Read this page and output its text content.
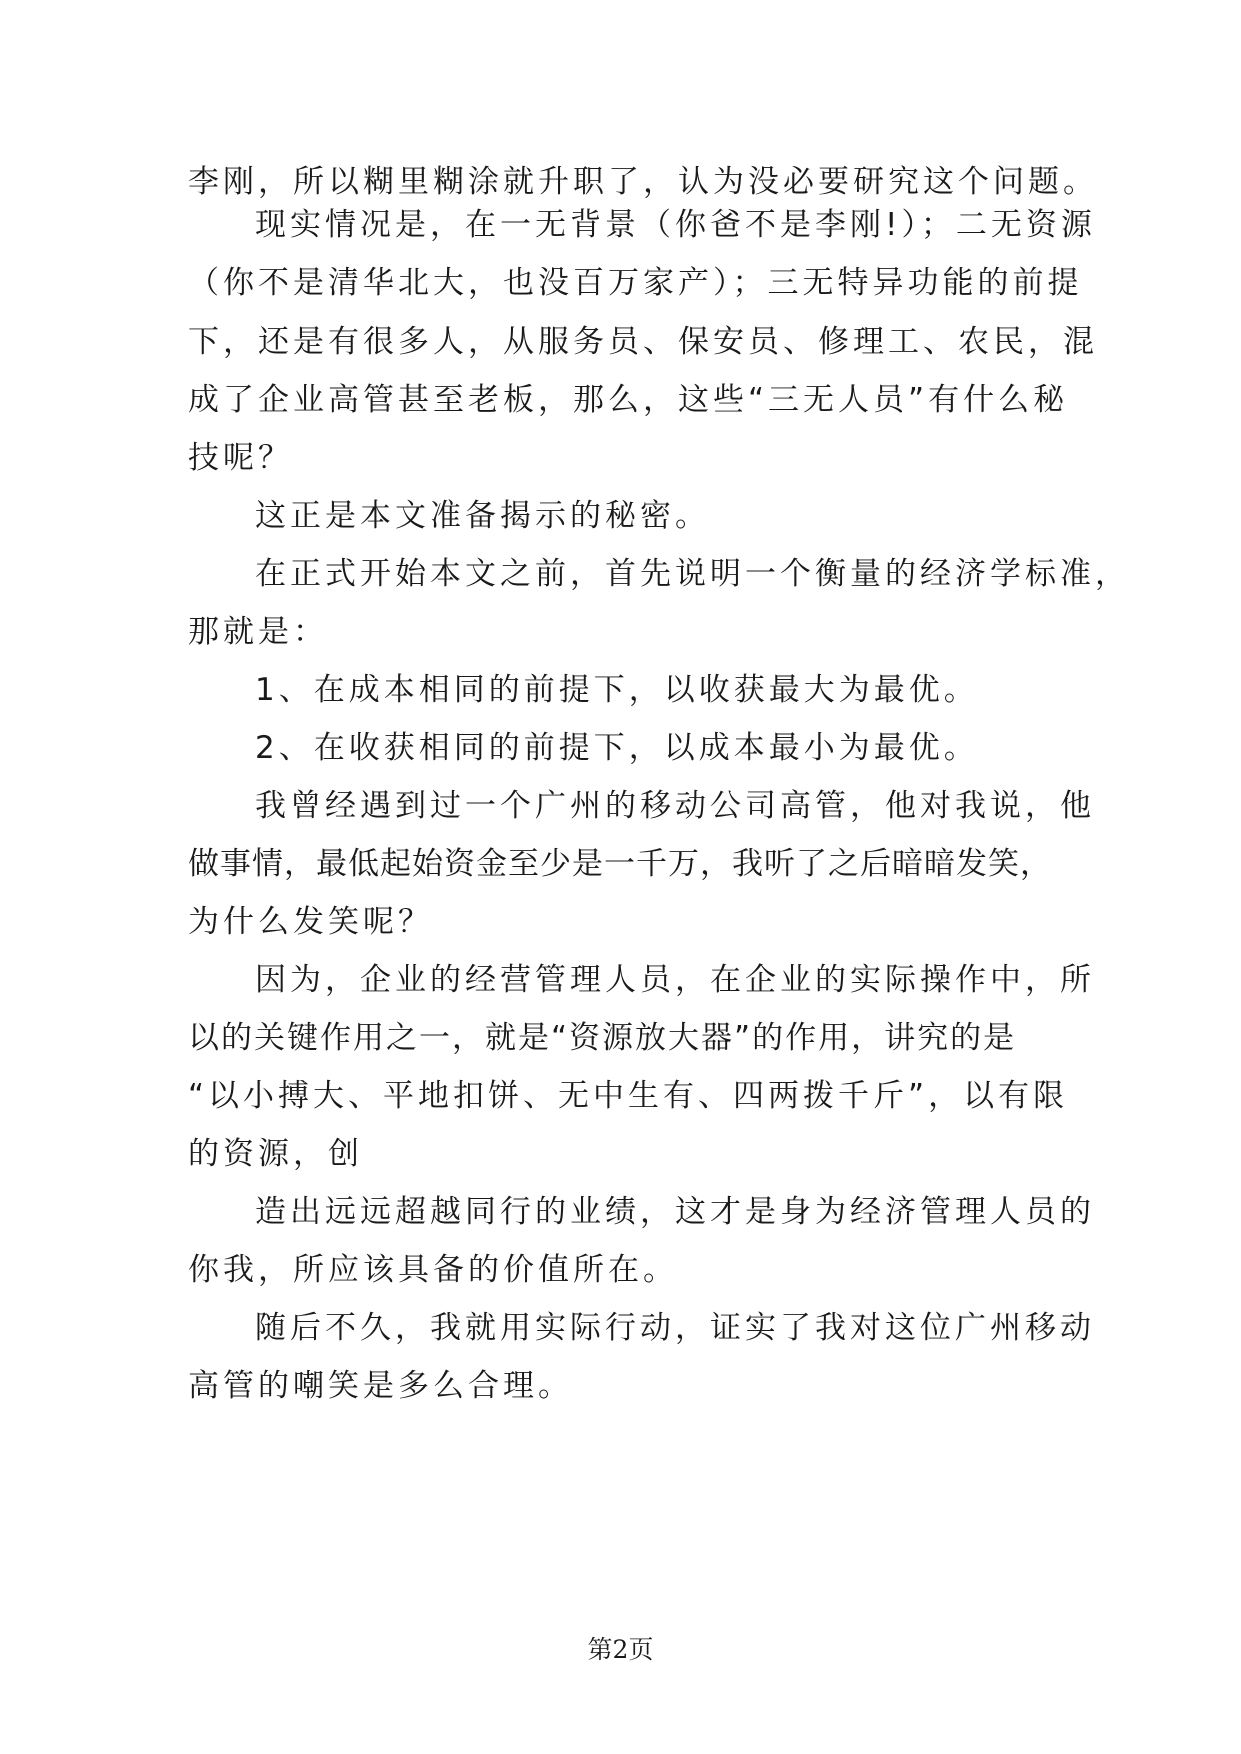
李刚，所以糊里糊涂就升职了，认为没必要研究这个问题。
现实情况是，在一无背景（你爸不是李刚!）；二无资源
（你不是清华北大，也没百万家产）；三无特异功能的前提
下，还是有很多人，从服务员、保安员、修理工、农民，混
成了企业高管甚至老板，那么，这些“三无人员”有什么秘
技呢？
这正是本文准备揭示的秘密。
在正式开始本文之前，首先说明一个衡量的经济学标准，
那就是：
1、在成本相同的前提下，以收获最大为最优。
2、在收获相同的前提下，以成本最小为最优。
我曾经遇到过一个广州的移动公司高管，他对我说，他
做事情，最低起始资金至少是一千万，我听了之后暗暗发笑，
为什么发笑呢？
因为，企业的经营管理人员，在企业的实际操作中，所
以的关键作用之一，就是“资源放大器”的作用，讲究的是
“以小搏大、平地扣饼、无中生有、四两拨千斤”，以有限
的资源，创
造出远远超越同行的业绩，这才是身为经济管理人员的
你我，所应该具备的价值所在。
随后不久，我就用实际行动，证实了我对这位广州移动
高管的嘲笑是多么合理。
第2页
